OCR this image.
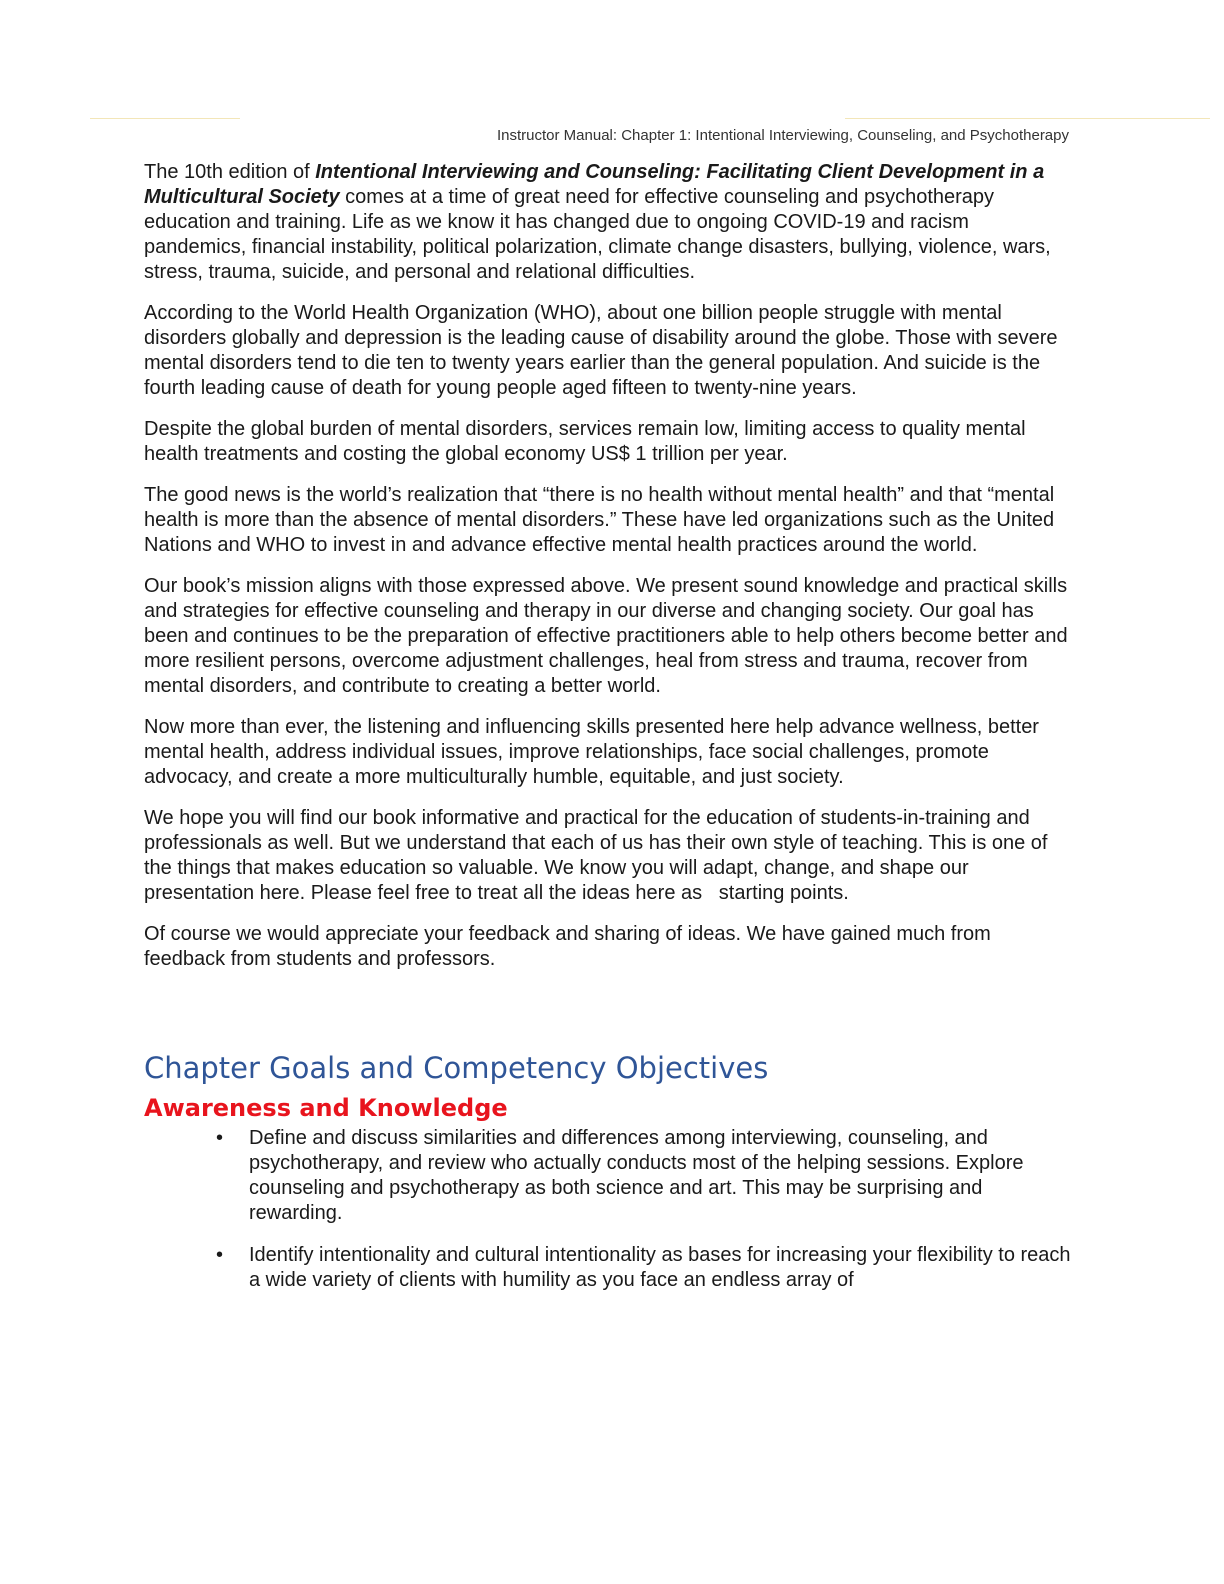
Instructor Manual: Chapter 1: Intentional Interviewing, Counseling, and Psychotherapy

The 10th edition of Intentional Interviewing and Counseling: Facilitating Client Development in a Multicultural Society comes at a time of great need for effective counseling and psychotherapy education and training. Life as we know it has changed due to ongoing COVID-19 and racism pandemics, financial instability, political polarization, climate change disasters, bullying, violence, wars, stress, trauma, suicide, and personal and relational difficulties.

According to the World Health Organization (WHO), about one billion people struggle with mental disorders globally and depression is the leading cause of disability around the globe. Those with severe mental disorders tend to die ten to twenty years earlier than the general population. And suicide is the fourth leading cause of death for young people aged fifteen to twenty-nine years.

Despite the global burden of mental disorders, services remain low, limiting access to quality mental health treatments and costing the global economy US$ 1 trillion per year.

The good news is the world’s realization that “there is no health without mental health” and that “mental health is more than the absence of mental disorders.” These have led organizations such as the United Nations and WHO to invest in and advance effective mental health practices around the world.

Our book’s mission aligns with those expressed above. We present sound knowledge and practical skills and strategies for effective counseling and therapy in our diverse and changing society. Our goal has been and continues to be the preparation of effective practitioners able to help others become better and more resilient persons, overcome adjustment challenges, heal from stress and trauma, recover from mental disorders, and contribute to creating a better world.

Now more than ever, the listening and influencing skills presented here help advance wellness, better mental health, address individual issues, improve relationships, face social challenges, promote advocacy, and create a more multiculturally humble, equitable, and just society.

We hope you will find our book informative and practical for the education of students-in-training and professionals as well. But we understand that each of us has their own style of teaching. This is one of the things that makes education so valuable. We know you will adapt, change, and shape our presentation here. Please feel free to treat all the ideas here as   starting points.

Of course we would appreciate your feedback and sharing of ideas. We have gained much from feedback from students and professors.

Chapter Goals and Competency Objectives
Awareness and Knowledge
• Define and discuss similarities and differences among interviewing, counseling, and psychotherapy, and review who actually conducts most of the helping sessions. Explore counseling and psychotherapy as both science and art. This may be surprising and rewarding.
• Identify intentionality and cultural intentionality as bases for increasing your flexibility to reach a wide variety of clients with humility as you face an endless array of
